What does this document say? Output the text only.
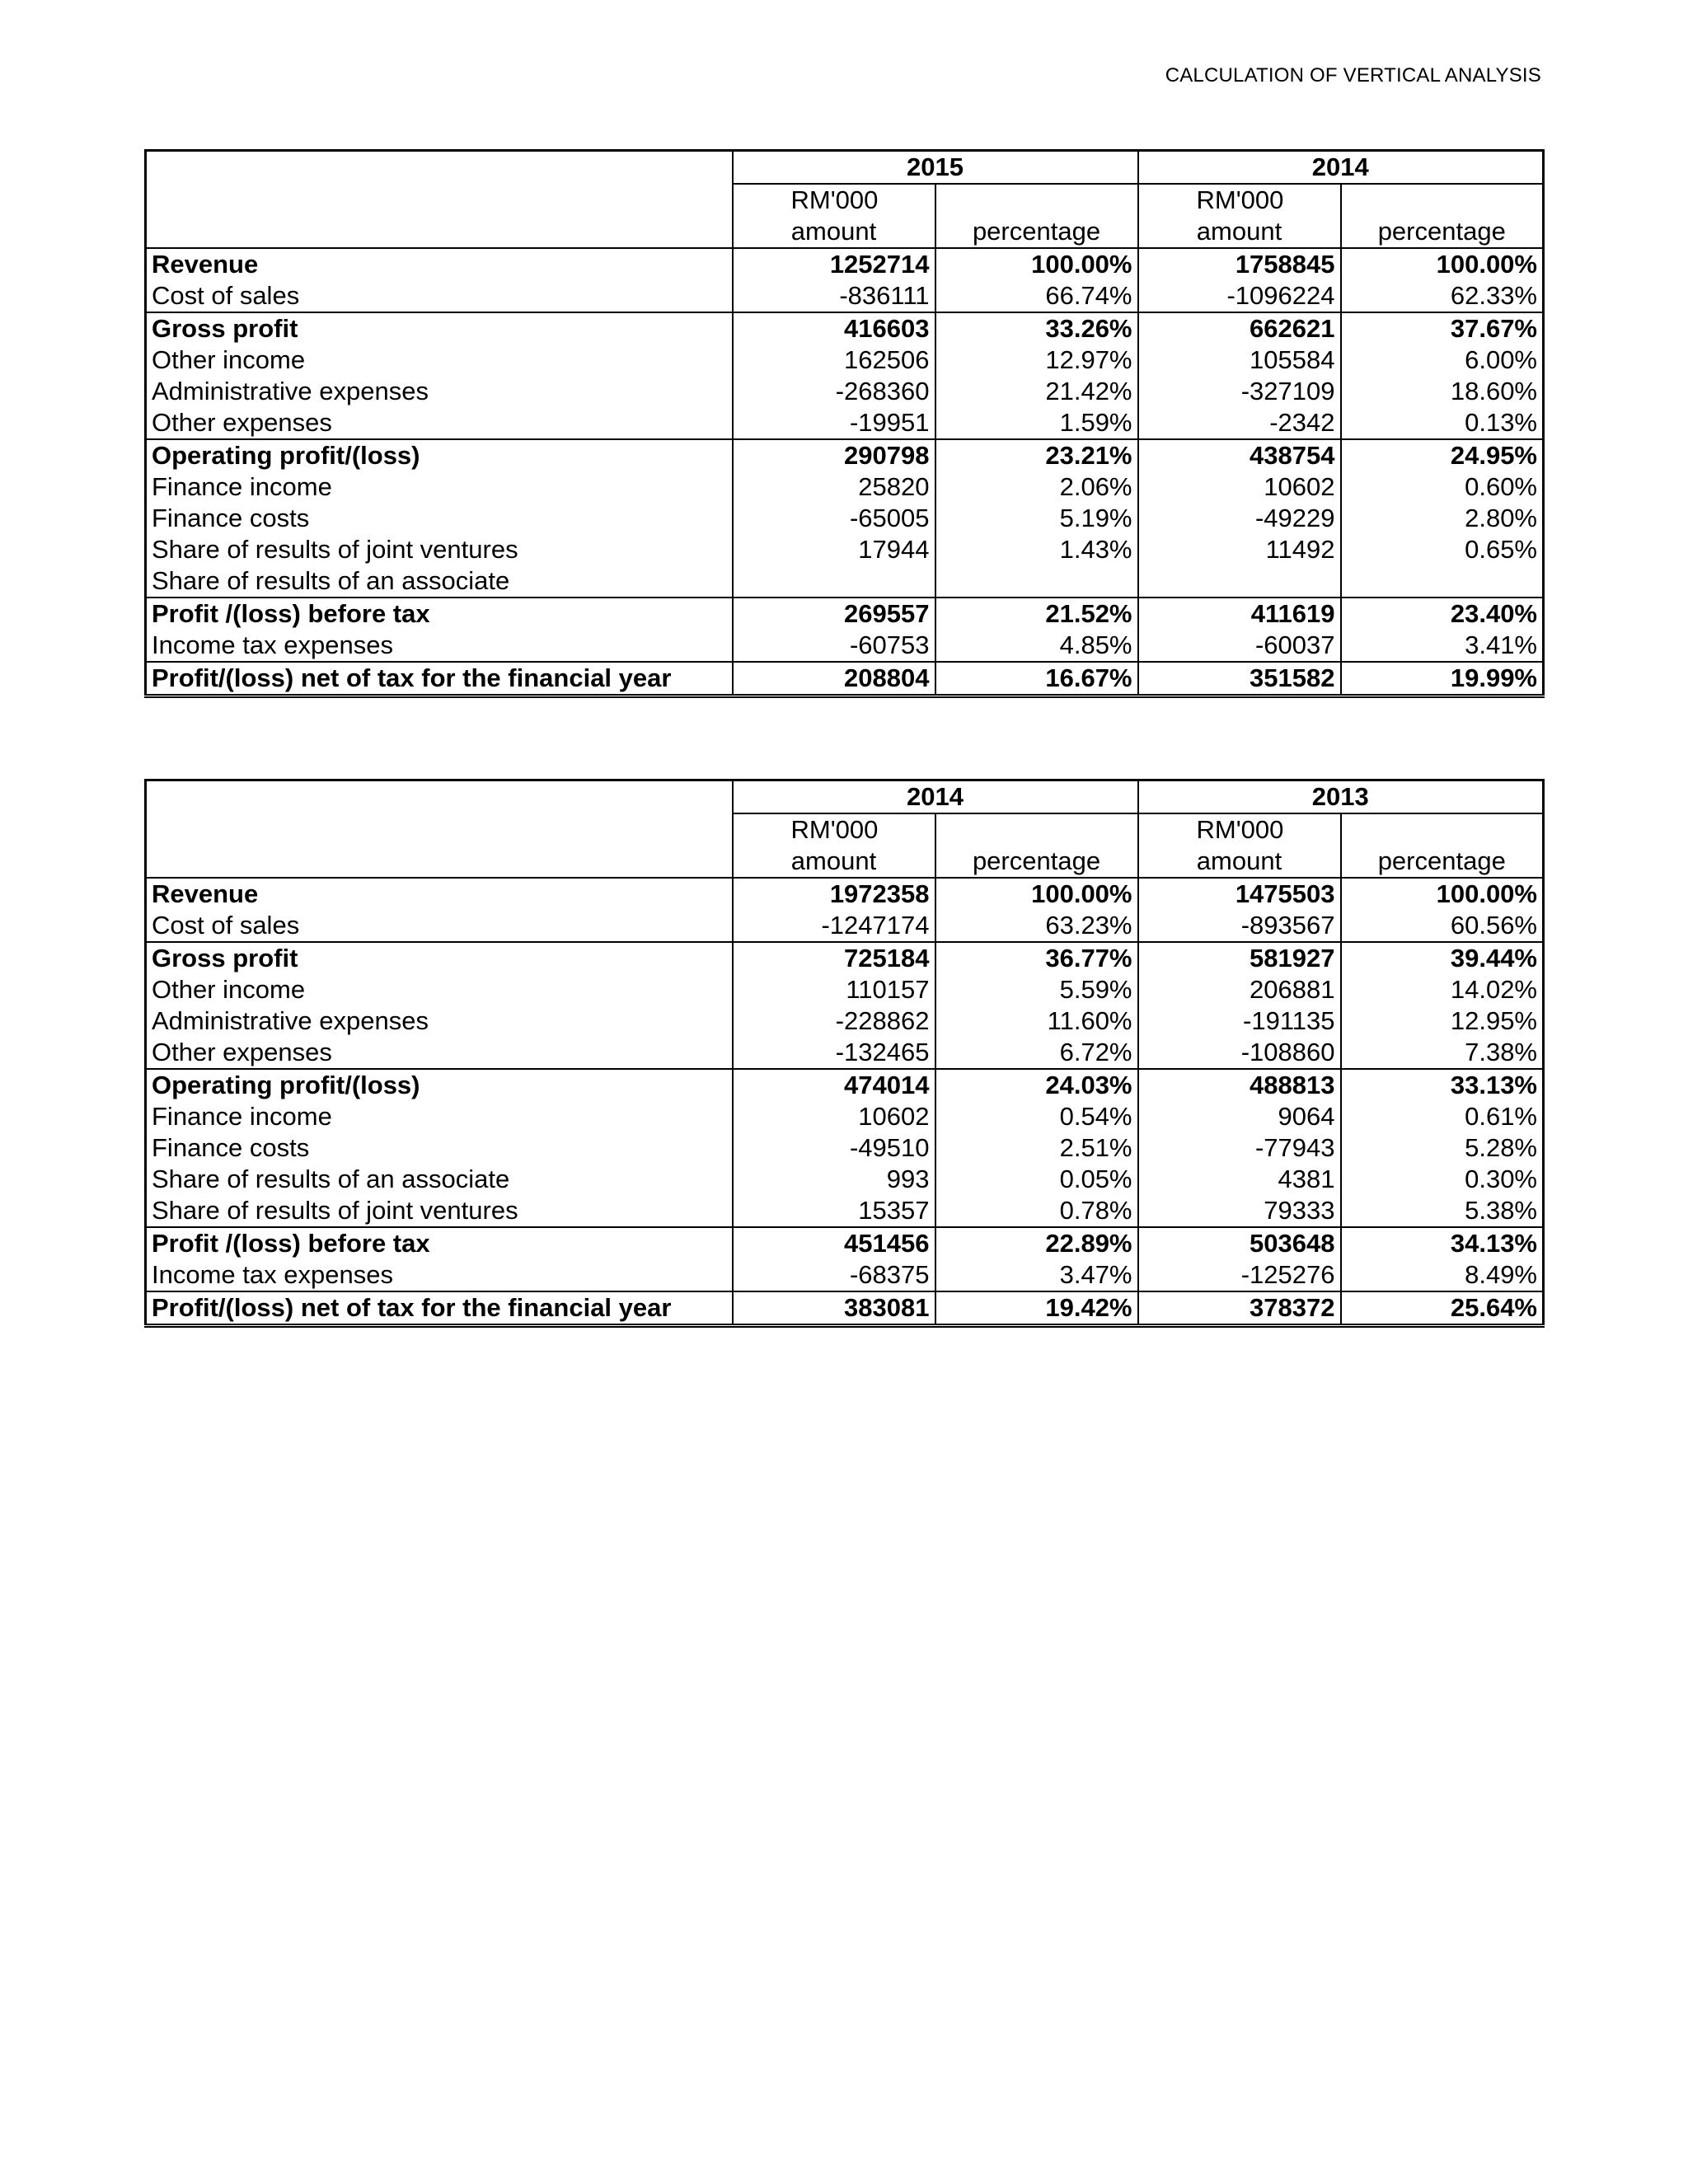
CALCULATION OF VERTICAL ANALYSIS
	2015		2014	
	RM'000		RM'000	
	amount	percentage	amount	percentage
Revenue	1252714	100.00%	1758845	100.00%
Cost of sales	-836111	66.74%	-1096224	62.33%
Gross profit	416603	33.26%	662621	37.67%
Other income	162506	12.97%	105584	6.00%
Administrative expenses	-268360	21.42%	-327109	18.60%
Other expenses	-19951	1.59%	-2342	0.13%
Operating profit/(loss)	290798	23.21%	438754	24.95%
Finance income	25820	2.06%	10602	0.60%
Finance costs	-65005	5.19%	-49229	2.80%
Share of results of joint ventures	17944	1.43%	11492	0.65%
Share of results of an associate				
Profit /(loss) before tax	269557	21.52%	411619	23.40%
Income tax expenses	-60753	4.85%	-60037	3.41%
Profit/(loss) net of tax for the financial year	208804	16.67%	351582	19.99%
	2014		2013	
	RM'000		RM'000	
	amount	percentage	amount	percentage
Revenue	1972358	100.00%	1475503	100.00%
Cost of sales	-1247174	63.23%	-893567	60.56%
Gross profit	725184	36.77%	581927	39.44%
Other income	110157	5.59%	206881	14.02%
Administrative expenses	-228862	11.60%	-191135	12.95%
Other expenses	-132465	6.72%	-108860	7.38%
Operating profit/(loss)	474014	24.03%	488813	33.13%
Finance income	10602	0.54%	9064	0.61%
Finance costs	-49510	2.51%	-77943	5.28%
Share of results of an associate	993	0.05%	4381	0.30%
Share of results of joint ventures	15357	0.78%	79333	5.38%
Profit /(loss) before tax	451456	22.89%	503648	34.13%
Income tax expenses	-68375	3.47%	-125276	8.49%
Profit/(loss) net of tax for the financial year	383081	19.42%	378372	25.64%
